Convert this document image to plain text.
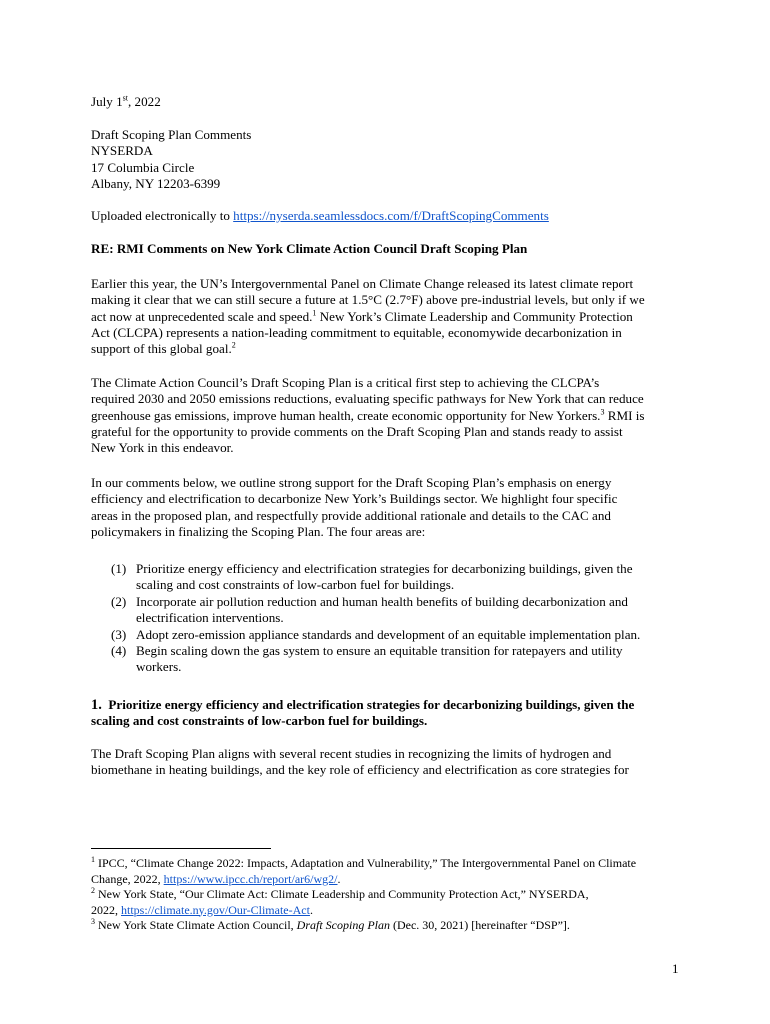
July 1st, 2022

Draft Scoping Plan Comments
NYSERDA
17 Columbia Circle
Albany, NY 12203-6399

Uploaded electronically to https://nyserda.seamlessdocs.com/f/DraftScopingComments

RE: RMI Comments on New York Climate Action Council Draft Scoping Plan

Earlier this year, the UN’s Intergovernmental Panel on Climate Change released its latest climate report
making it clear that we can still secure a future at 1.5°C (2.7°F) above pre-industrial levels, but only if we
act now at unprecedented scale and speed.$^1$ New York’s Climate Leadership and Community Protection
Act (CLCPA) represents a nation-leading commitment to equitable, economywide decarbonization in
support of this global goal.$^2$
The Climate Action Council’s Draft Scoping Plan is a critical first step to achieving the CLCPA’s
required 2030 and 2050 emissions reductions, evaluating specific pathways for New York that can reduce
greenhouse gas emissions, improve human health, create economic opportunity for New Yorkers.$^3$ RMI is
grateful for the opportunity to provide comments on the Draft Scoping Plan and stands ready to assist
New York in this endeavor.
In our comments below, we outline strong support for the Draft Scoping Plan’s emphasis on energy
efficiency and electrification to decarbonize New York’s Buildings sector. We highlight four specific
areas in the proposed plan, and respectfully provide additional rationale and details to the CAC and
policymakers in finalizing the Scoping Plan. The four areas are:
(1) Prioritize energy efficiency and electrification strategies for decarbonizing buildings, given the
scaling and cost constraints of low-carbon fuel for buildings.
(2) Incorporate air pollution reduction and human health benefits of building decarbonization and
electrification interventions.
(3) Adopt zero-emission appliance standards and development of an equitable implementation plan.
(4) Begin scaling down the gas system to ensure an equitable transition for ratepayers and utility
workers.
1. Prioritize energy efficiency and electrification strategies for decarbonizing buildings, given the
scaling and cost constraints of low-carbon fuel for buildings.
The Draft Scoping Plan aligns with several recent studies in recognizing the limits of hydrogen and
biomethane in heating buildings, and the key role of efficiency and electrification as core strategies for
$^1$ IPCC, “Climate Change 2022: Impacts, Adaptation and Vulnerability,” The Intergovernmental Panel on Climate
Change, 2022, https://www.ipcc.ch/report/ar6/wg2/.
$^2$ New York State, “Our Climate Act: Climate Leadership and Community Protection Act,” NYSERDA,
2022, https://climate.ny.gov/Our-Climate-Act.
$^3$ New York State Climate Action Council, Draft Scoping Plan (Dec. 30, 2021) [hereinafter “DSP”].
1
